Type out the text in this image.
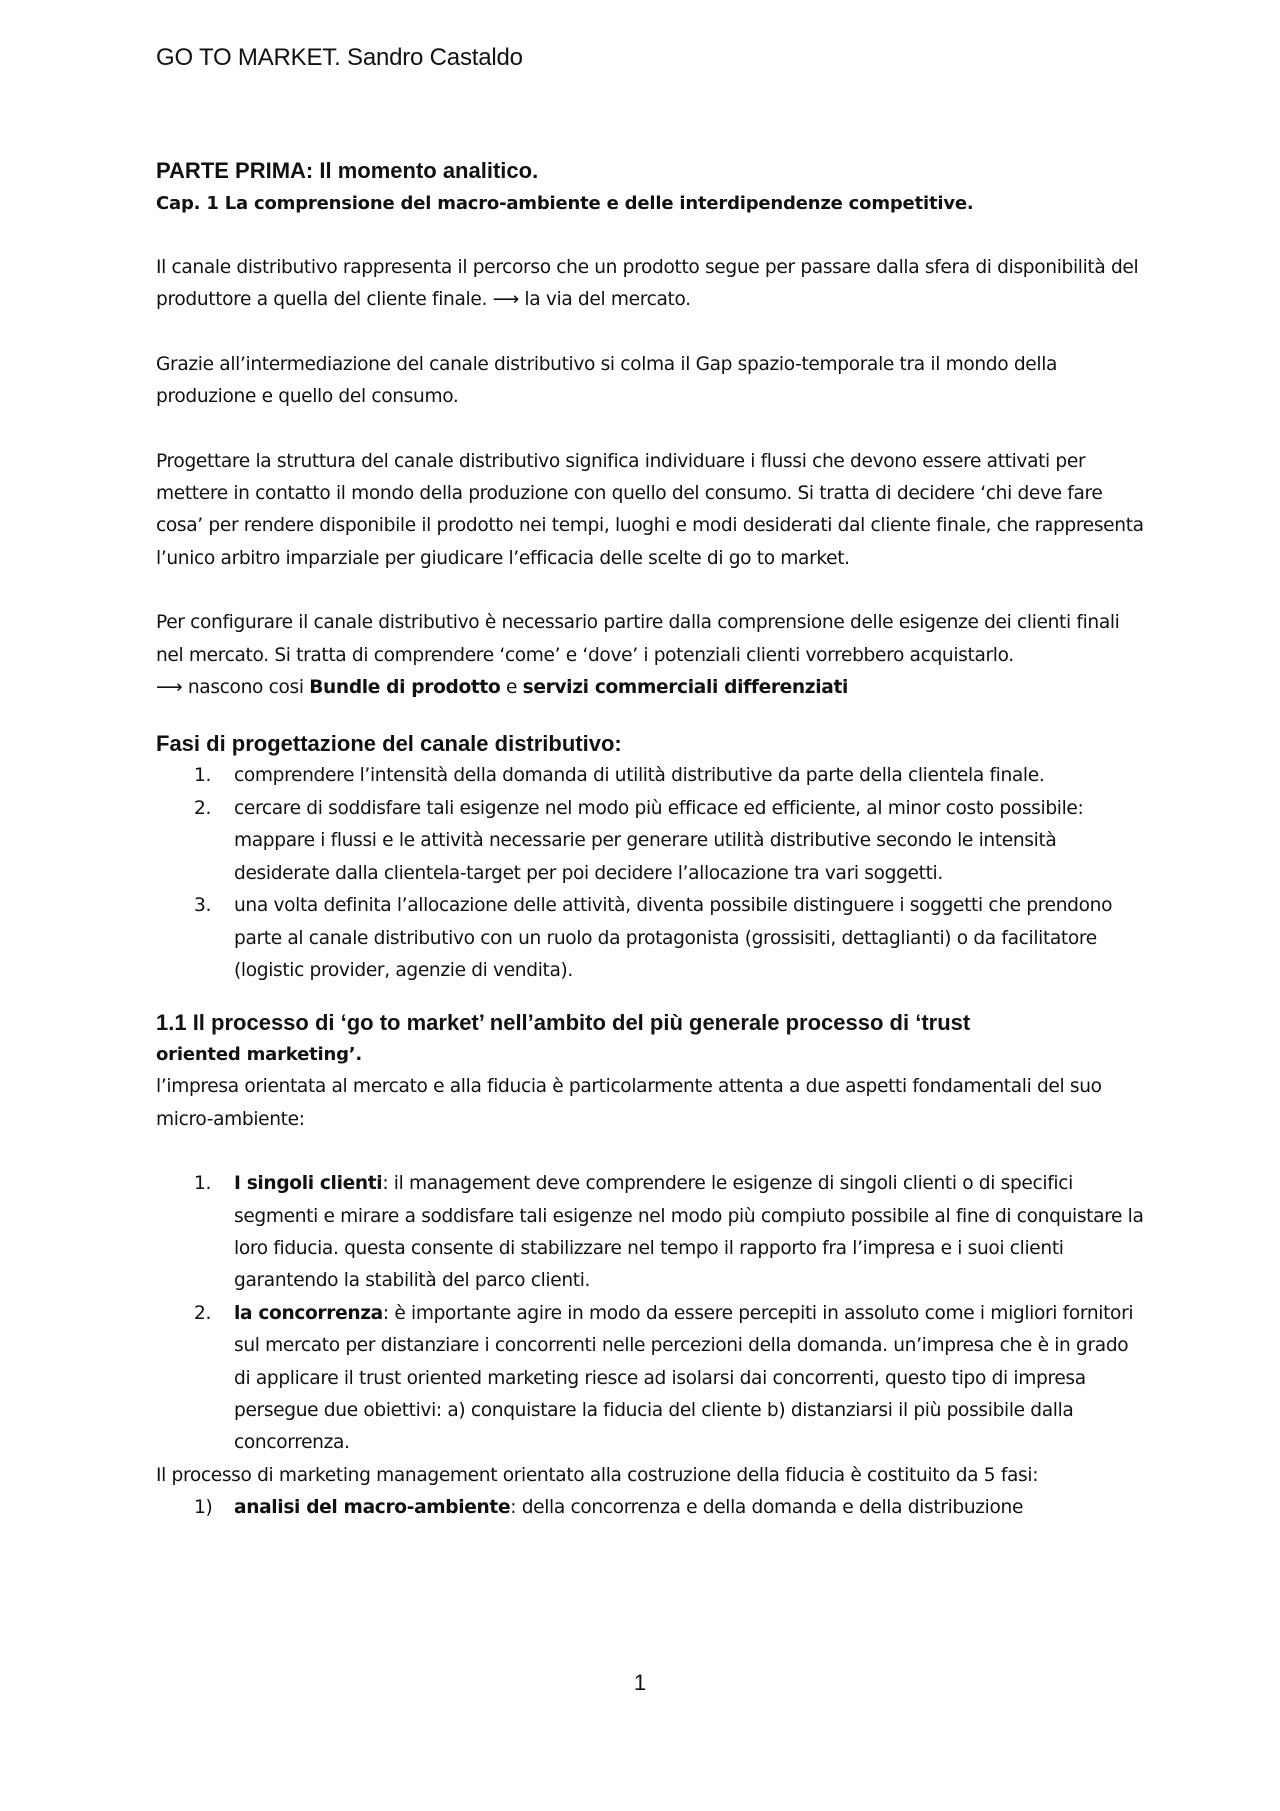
GO TO MARKET. Sandro Castaldo
PARTE PRIMA: Il momento analitico.
Cap. 1 La comprensione del macro-ambiente e delle interdipendenze competitive.

Il canale distributivo rappresenta il percorso che un prodotto segue per passare dalla sfera di disponibilità del produttore a quella del cliente finale. ⟶ la via del mercato.

Grazie all’intermediazione del canale distributivo si colma il Gap spazio-temporale tra il mondo della produzione e quello del consumo.

Progettare la struttura del canale distributivo significa individuare i flussi che devono essere attivati per mettere in contatto il mondo della produzione con quello del consumo. Si tratta di decidere ‘chi deve fare cosa’ per rendere disponibile il prodotto nei tempi, luoghi e modi desiderati dal cliente finale, che rappresenta l’unico arbitro imparziale per giudicare l’efficacia delle scelte di go to market.

Per configurare il canale distributivo è necessario partire dalla comprensione delle esigenze dei clienti finali nel mercato. Si tratta di comprendere ‘come’ e ‘dove’ i potenziali clienti vorrebbero acquistarlo.

⟶ nascono cosi Bundle di prodotto e servizi commerciali differenziati

Fasi di progettazione del canale distributivo:
1. comprendere l’intensità della domanda di utilità distributive da parte della clientela finale.
2. cercare di soddisfare tali esigenze nel modo più efficace ed efficiente, al minor costo possibile: mappare i flussi e le attività necessarie per generare utilità distributive secondo le intensità desiderate dalla clientela-target per poi decidere l’allocazione tra vari soggetti.
3. una volta definita l’allocazione delle attività, diventa possibile distinguere i soggetti che prendono parte al canale distributivo con un ruolo da protagonista (grossisiti, dettaglianti) o da facilitatore (logistic provider, agenzie di vendita).
1.1 Il processo di ‘go to market’ nell’ambito del più generale processo di ‘trust
oriented marketing’.

l’impresa orientata al mercato e alla fiducia è particolarmente attenta a due aspetti fondamentali del suo micro-ambiente:

1. I singoli clienti: il management deve comprendere le esigenze di singoli clienti o di specifici segmenti e mirare a soddisfare tali esigenze nel modo più compiuto possibile al fine di conquistare la loro fiducia. questa consente di stabilizzare nel tempo il rapporto fra l’impresa e i suoi clienti garantendo la stabilità del parco clienti.
2. la concorrenza: è importante agire in modo da essere percepiti in assoluto come i migliori fornitori sul mercato per distanziare i concorrenti nelle percezioni della domanda. un’impresa che è in grado di applicare il trust oriented marketing riesce ad isolarsi dai concorrenti, questo tipo di impresa persegue due obiettivi: a) conquistare la fiducia del cliente b) distanziarsi il più possibile dalla concorrenza.

Il processo di marketing management orientato alla costruzione della fiducia è costituito da 5 fasi:

1) analisi del macro-ambiente: della concorrenza e della domanda e della distribuzione
1
